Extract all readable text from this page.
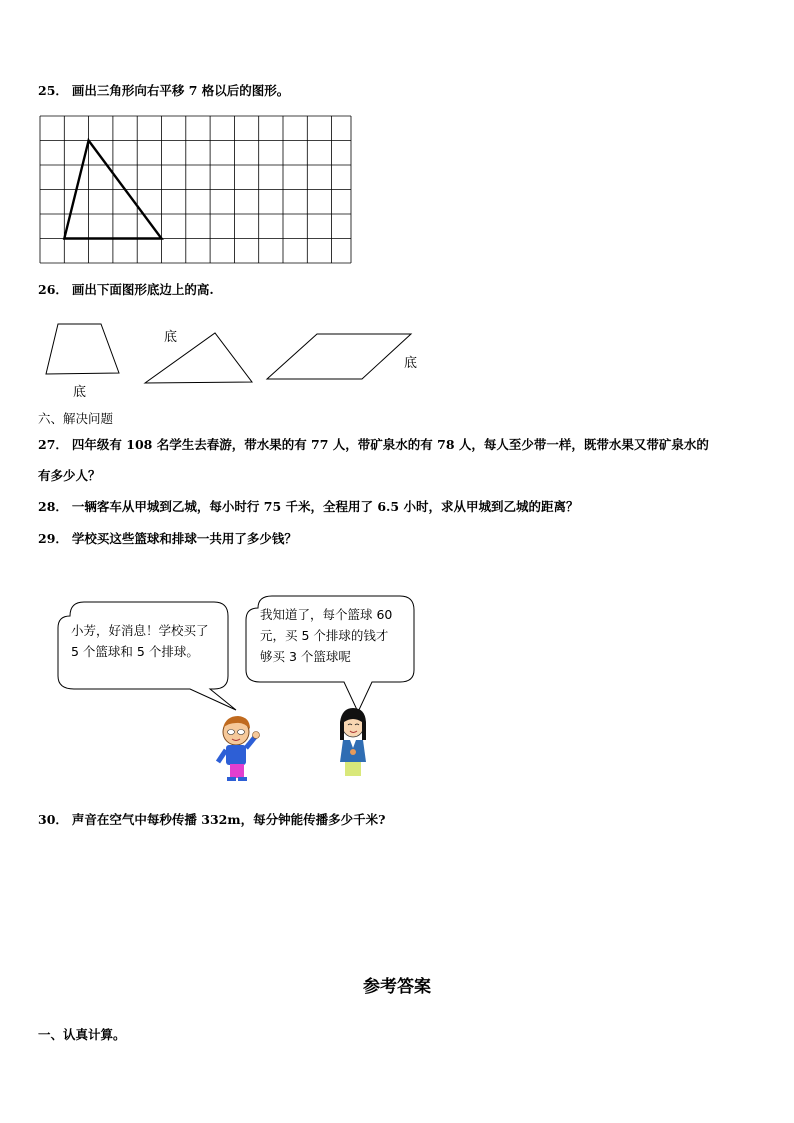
25． 画出三角形向右平移 7 格以后的图形。
26． 画出下面图形底边上的高.
底
底
底
六、解决问题
27． 四年级有 108 名学生去春游，带水果的有 77 人，带矿泉水的有 78 人，每人至少带一样，既带水果又带矿泉水的
有多少人？
28． 一辆客车从甲城到乙城，每小时行 75 千米，全程用了 6.5 小时，求从甲城到乙城的距离？
29． 学校买这些篮球和排球一共用了多少钱？
小芳，好消息！学校买了
5 个篮球和 5 个排球。
我知道了，每个篮球 60
元，买 5 个排球的钱才
够买 3 个篮球呢
30． 声音在空气中每秒传播 332m，每分钟能传播多少千米?
参考答案
一、认真计算。
